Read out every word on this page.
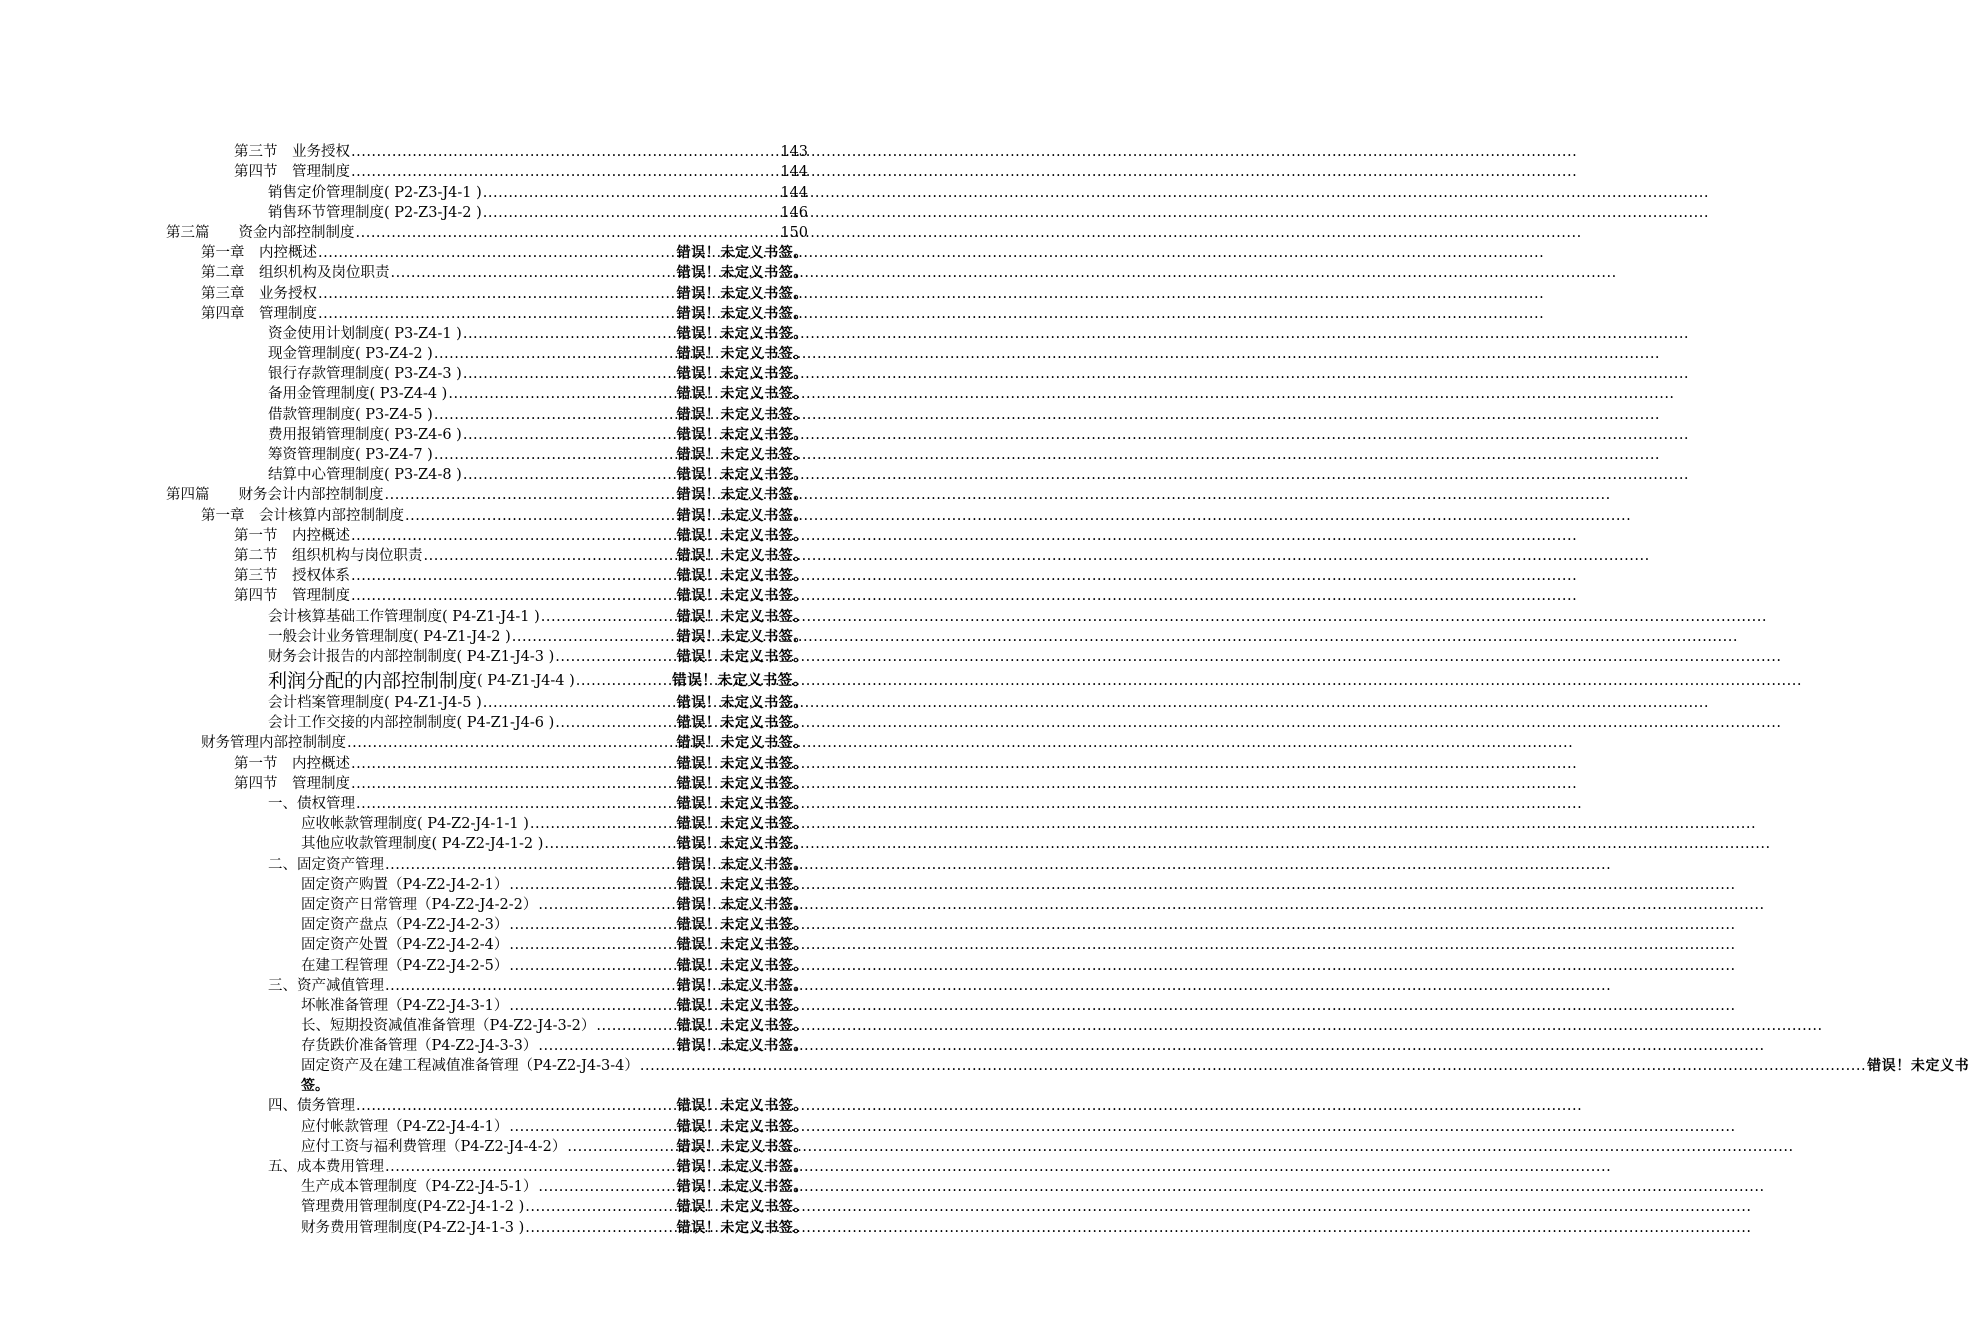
第三节　业务授权 .....	143
第四节　管理制度 .....	144
销售定价管理制度( P2-Z3-J4-1 ) .....	144
销售环节管理制度( P2-Z3-J4-2 ) .....	146
第三篇　　资金内部控制制度 .....	150
第一章　内控概述 .....	错误！未定义书签。
第二章　组织机构及岗位职责 .....	错误！未定义书签。
第三章　业务授权 .....	错误！未定义书签。
第四章　管理制度 .....	错误！未定义书签。
资金使用计划制度( P3-Z4-1 ) .....	错误！未定义书签。
现金管理制度( P3-Z4-2 ) .....	错误！未定义书签。
银行存款管理制度( P3-Z4-3 ) .....	错误！未定义书签。
备用金管理制度( P3-Z4-4 ) .....	错误！未定义书签。
借款管理制度( P3-Z4-5 ) .....	错误！未定义书签。
费用报销管理制度( P3-Z4-6 ) .....	错误！未定义书签。
筹资管理制度( P3-Z4-7 ) .....	错误！未定义书签。
结算中心管理制度( P3-Z4-8 ) .....	错误！未定义书签。
第四篇　　财务会计内部控制制度 .....	错误！未定义书签。
第一章　会计核算内部控制制度 .....	错误！未定义书签。
第一节　内控概述 .....	错误！未定义书签。
第二节　组织机构与岗位职责 .....	错误！未定义书签。
第三节　授权体系 .....	错误！未定义书签。
第四节　管理制度 .....	错误！未定义书签。
会计核算基础工作管理制度( P4-Z1-J4-1 ) .....	错误！未定义书签。
一般会计业务管理制度( P4-Z1-J4-2 ) .....	错误！未定义书签。
财务会计报告的内部控制制度( P4-Z1-J4-3 ) .....	错误！未定义书签。
利润分配的内部控制制度 ( P4-Z1-J4-4 ) .....	错误！未定义书签。
会计档案管理制度( P4-Z1-J4-5 ) .....	错误！未定义书签。
会计工作交接的内部控制制度( P4-Z1-J4-6 ) .....	错误！未定义书签。
财务管理内部控制制度 .....	错误！未定义书签。
第一节　内控概述 .....	错误！未定义书签。
第四节　管理制度 .....	错误！未定义书签。
一、债权管理 .....	错误！未定义书签。
应收帐款管理制度( P4-Z2-J4-1-1 ) .....	错误！未定义书签。
其他应收款管理制度( P4-Z2-J4-1-2 ) .....	错误！未定义书签。
二、固定资产管理 .....	错误！未定义书签。
固定资产购置（P4-Z2-J4-2-1） .....	错误！未定义书签。
固定资产日常管理（P4-Z2-J4-2-2） .....	错误！未定义书签。
固定资产盘点（P4-Z2-J4-2-3） .....	错误！未定义书签。
固定资产处置（P4-Z2-J4-2-4） .....	错误！未定义书签。
在建工程管理（P4-Z2-J4-2-5） .....	错误！未定义书签。
三、资产减值管理 .....	错误！未定义书签。
坏帐准备管理（P4-Z2-J4-3-1） .....	错误！未定义书签。
长、短期投资减值准备管理（P4-Z2-J4-3-2） .....	错误！未定义书签。
存货跌价准备管理（P4-Z2-J4-3-3） .....	错误！未定义书签。
固定资产及在建工程减值准备管理（P4-Z2-J4-3-4） .....	错误！未定义书
签。
四、债务管理 .....	错误！未定义书签。
应付帐款管理（P4-Z2-J4-4-1） .....	错误！未定义书签。
应付工资与福利费管理（P4-Z2-J4-4-2） .....	错误！未定义书签。
五、成本费用管理 .....	错误！未定义书签。
生产成本管理制度（P4-Z2-J4-5-1） .....	错误！未定义书签。
管理费用管理制度(P4-Z2-J4-1-2 ) .....	错误！未定义书签。
财务费用管理制度(P4-Z2-J4-1-3 ) .....	错误！未定义书签。
